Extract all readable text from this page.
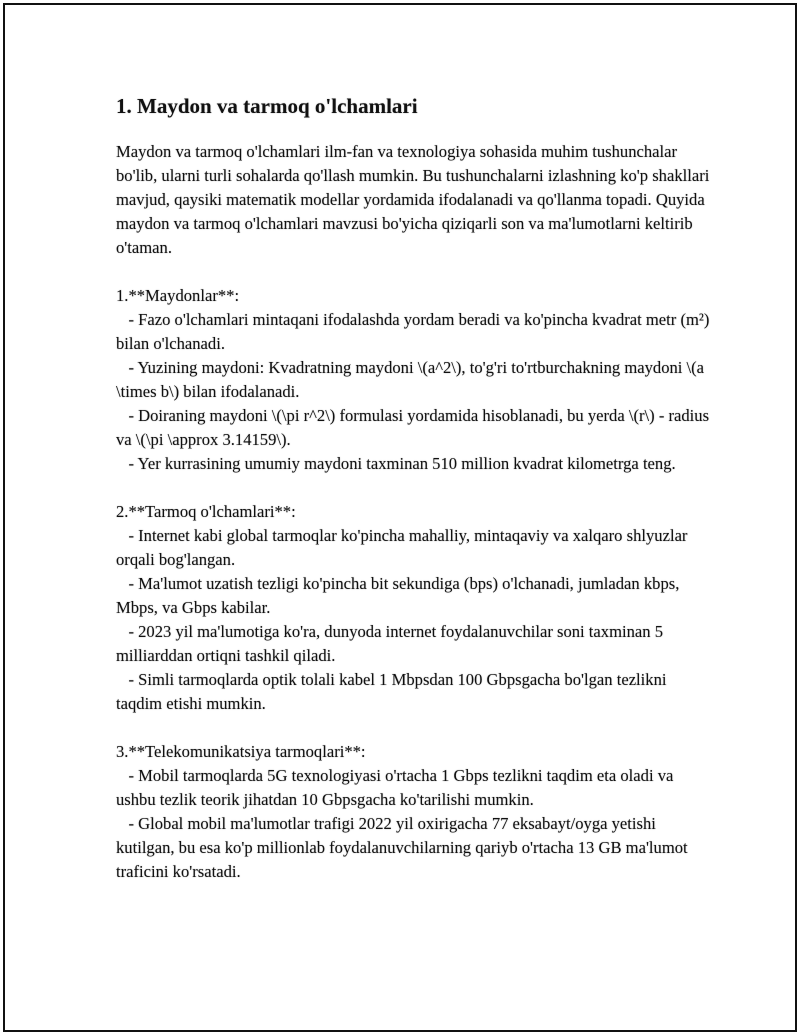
1. Maydon va tarmoq o'lchamlari

Maydon va tarmoq o'lchamlari ilm-fan va texnologiya sohasida muhim tushunchalar bo'lib, ularni turli sohalarda qo'llash mumkin. Bu tushunchalarni izlashning ko'p shakllari mavjud, qaysiki matematik modellar yordamida ifodalanadi va qo'llanma topadi. Quyida maydon va tarmoq o'lchamlari mavzusi bo'yicha qiziqarli son va ma'lumotlarni keltirib o'taman.

1.**Maydonlar**:
- Fazo o'lchamlari mintaqani ifodalashda yordam beradi va ko'pincha kvadrat metr (m²) bilan o'lchanadi.
- Yuzining maydoni: Kvadratning maydoni \(a^2\), to'g'ri to'rtburchakning maydoni \(a \times b\) bilan ifodalanadi.
- Doiraning maydoni \(\pi r^2\) formulasi yordamida hisoblanadi, bu yerda \(r\) - radius va \(\pi \approx 3.14159\).
- Yer kurrasining umumiy maydoni taxminan 510 million kvadrat kilometrga teng.
2.**Tarmoq o'lchamlari**:
- Internet kabi global tarmoqlar ko'pincha mahalliy, mintaqaviy va xalqaro shlyuzlar orqali bog'langan.
- Ma'lumot uzatish tezligi ko'pincha bit sekundiga (bps) o'lchanadi, jumladan kbps, Mbps, va Gbps kabilar.
- 2023 yil ma'lumotiga ko'ra, dunyoda internet foydalanuvchilar soni taxminan 5 milliarddan ortiqni tashkil qiladi.
- Simli tarmoqlarda optik tolali kabel 1 Mbpsdan 100 Gbpsgacha bo'lgan tezlikni taqdim etishi mumkin.
3.**Telekomunikatsiya tarmoqlari**:
- Mobil tarmoqlarda 5G texnologiyasi o'rtacha 1 Gbps tezlikni taqdim eta oladi va ushbu tezlik teorik jihatdan 10 Gbpsgacha ko'tarilishi mumkin.
- Global mobil ma'lumotlar trafigi 2022 yil oxirigacha 77 eksabayt/oyga yetishi kutilgan, bu esa ko'p millionlab foydalanuvchilarning qariyb o'rtacha 13 GB ma'lumot traficini ko'rsatadi.
